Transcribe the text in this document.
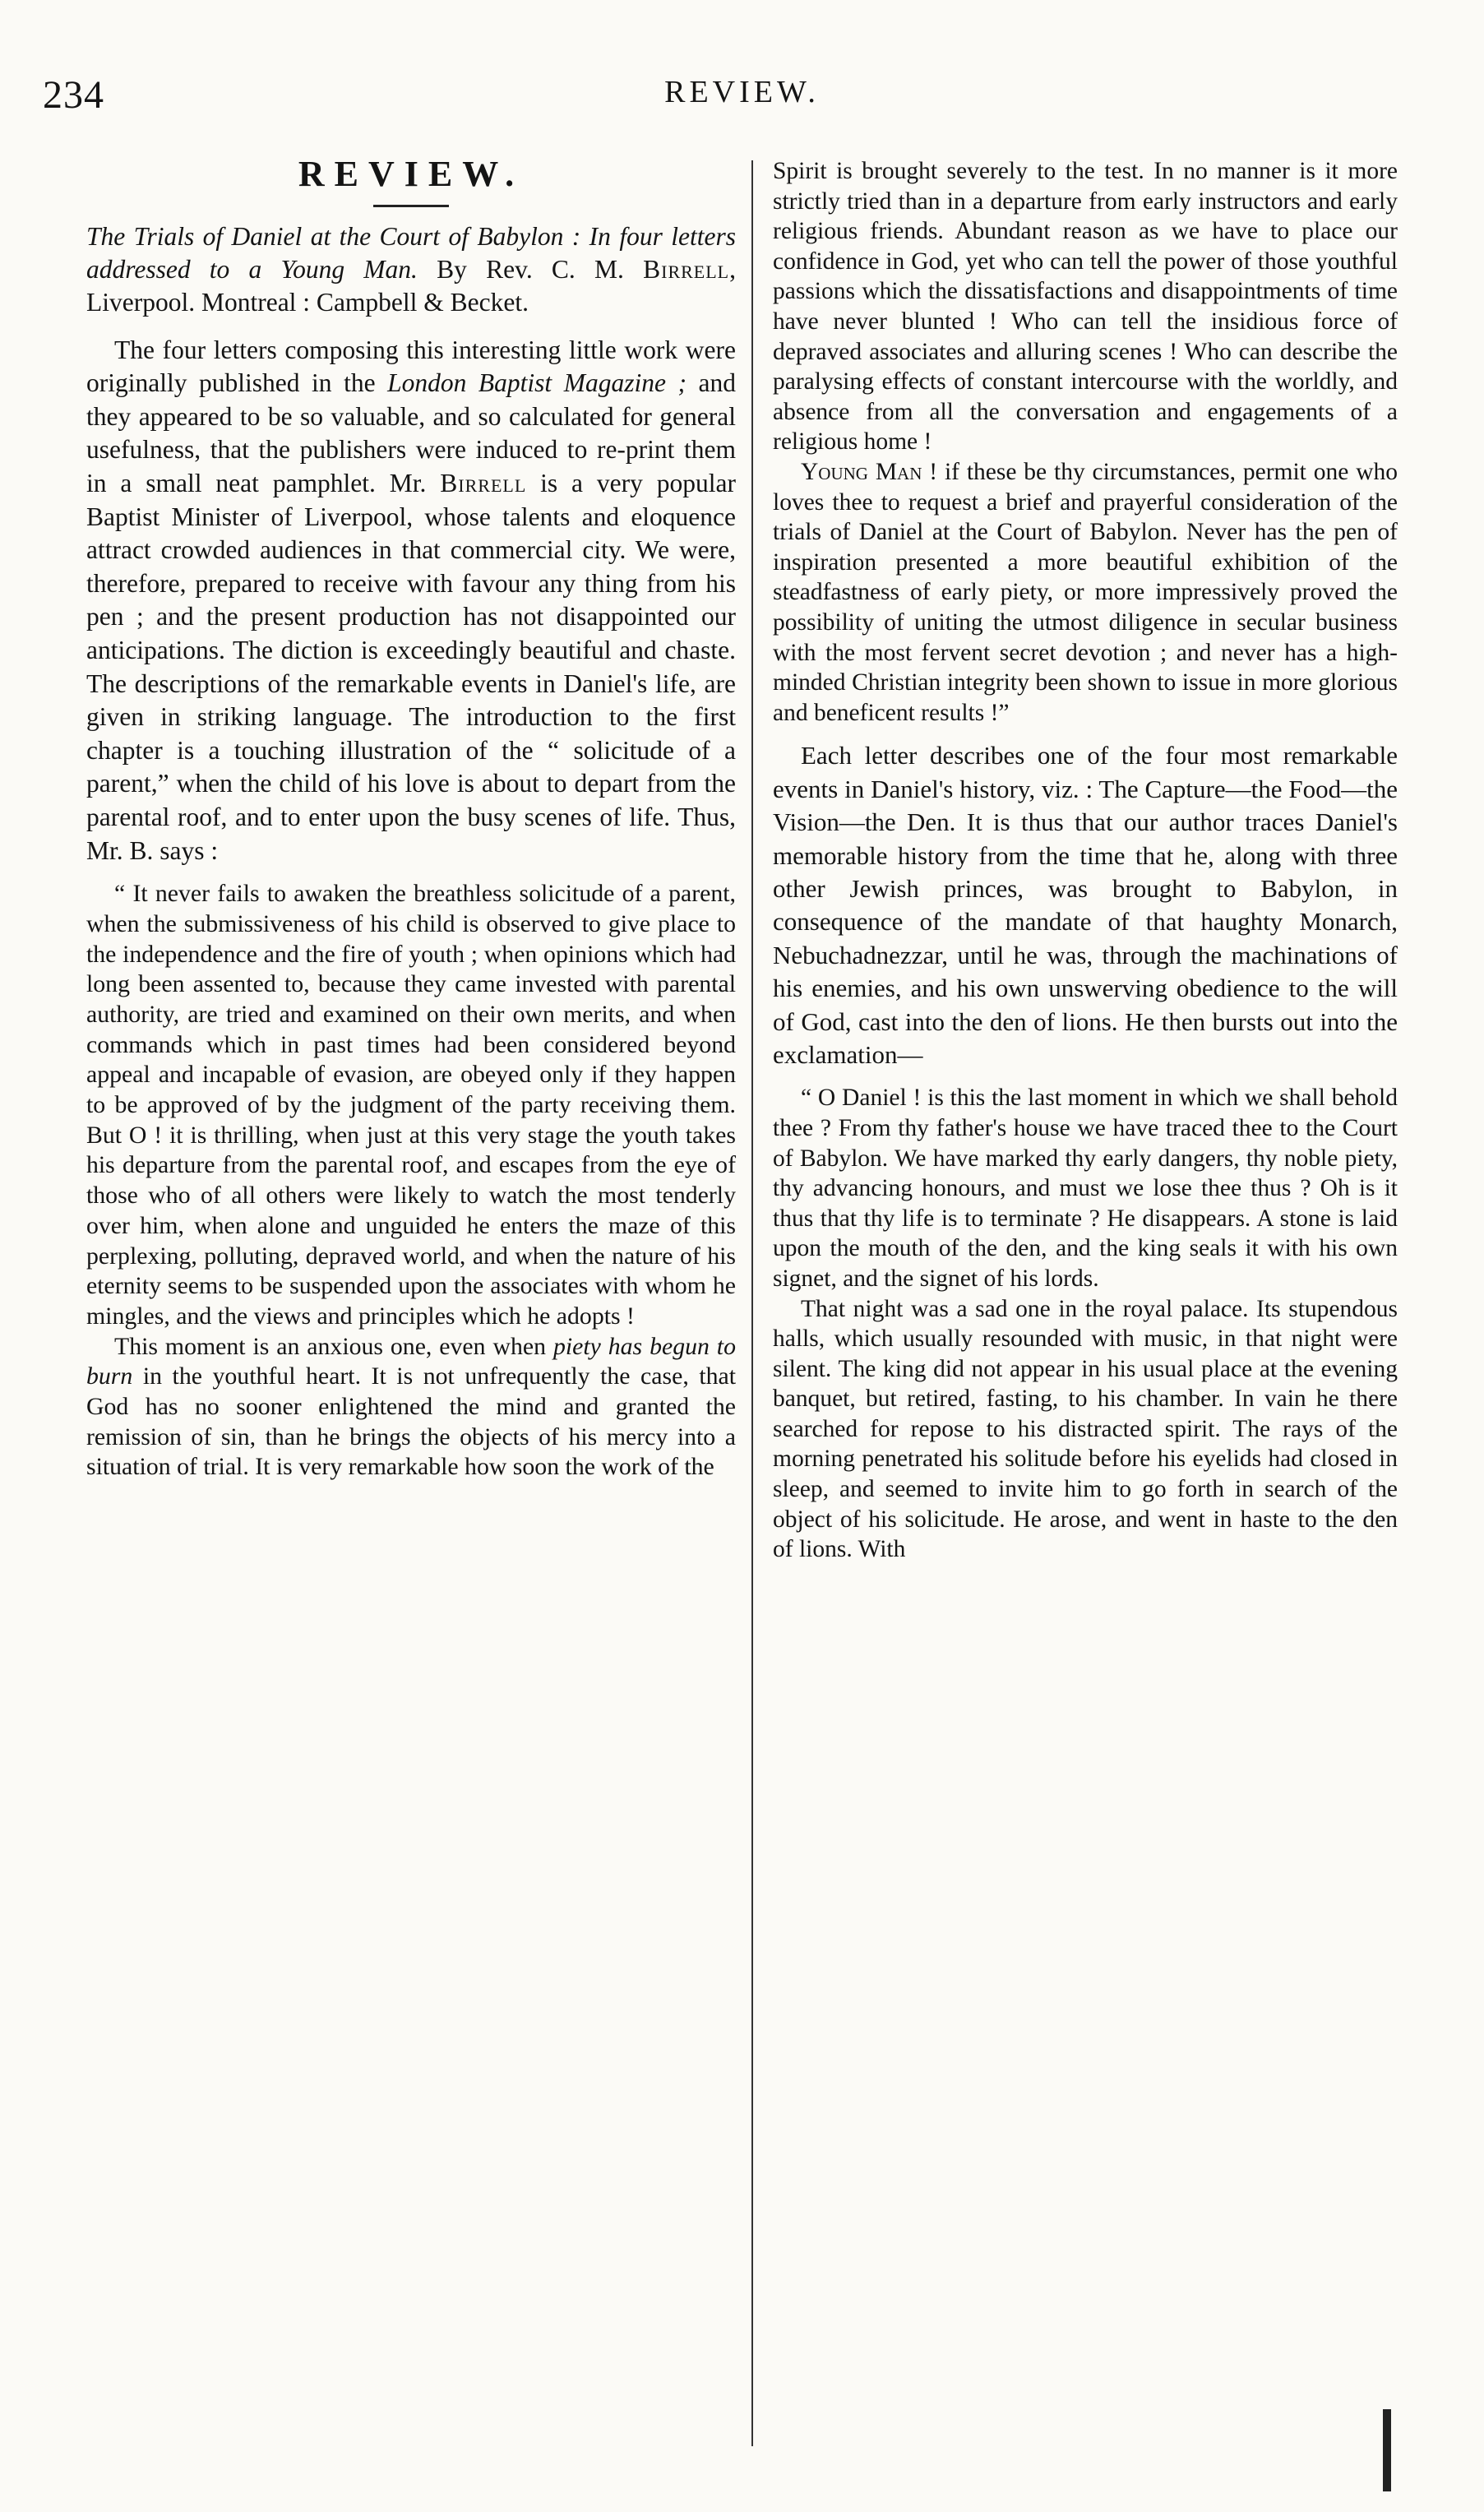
234	REVIEW.
REVIEW.

The Trials of Daniel at the Court of Babylon : In four letters addressed to a Young Man. By Rev. C. M. Birrell, Liverpool. Montreal : Campbell & Becket.

The four letters composing this interesting little work were originally published in the London Baptist Magazine ; and they appeared to be so valuable, and so calculated for general usefulness, that the publishers were induced to re-print them in a small neat pamphlet. Mr. Birrell is a very popular Baptist Minister of Liverpool, whose talents and eloquence attract crowded audiences in that commercial city. We were, therefore, prepared to receive with favour any thing from his pen ; and the present production has not disappointed our anticipations. The diction is exceedingly beautiful and chaste. The descriptions of the remarkable events in Daniel's life, are given in striking language. The introduction to the first chapter is a touching illustration of the “ solicitude of a parent,” when the child of his love is about to depart from the parental roof, and to enter upon the busy scenes of life. Thus, Mr. B. says :

“ It never fails to awaken the breathless solicitude of a parent, when the submissiveness of his child is observed to give place to the independence and the fire of youth ; when opinions which had long been assented to, because they came invested with parental authority, are tried and examined on their own merits, and when commands which in past times had been considered beyond appeal and incapable of evasion, are obeyed only if they happen to be approved of by the judgment of the party receiving them. But O ! it is thrilling, when just at this very stage the youth takes his departure from the parental roof, and escapes from the eye of those who of all others were likely to watch the most tenderly over him, when alone and unguided he enters the maze of this perplexing, polluting, depraved world, and when the nature of his eternity seems to be suspended upon the associates with whom he mingles, and the views and principles which he adopts !

This moment is an anxious one, even when piety has begun to burn in the youthful heart. It is not unfrequently the case, that God has no sooner enlightened the mind and granted the remission of sin, than he brings the objects of his mercy into a situation of trial. It is very remarkable how soon the work of the

Spirit is brought severely to the test. In no manner is it more strictly tried than in a departure from early instructors and early religious friends. Abundant reason as we have to place our confidence in God, yet who can tell the power of those youthful passions which the dissatisfactions and disappointments of time have never blunted ! Who can tell the insidious force of depraved associates and alluring scenes ! Who can describe the paralysing effects of constant intercourse with the worldly, and absence from all the conversation and engagements of a religious home !

Young Man ! if these be thy circumstances, permit one who loves thee to request a brief and prayerful consideration of the trials of Daniel at the Court of Babylon. Never has the pen of inspiration presented a more beautiful exhibition of the steadfastness of early piety, or more impressively proved the possibility of uniting the utmost diligence in secular business with the most fervent secret devotion ; and never has a high-minded Christian integrity been shown to issue in more glorious and beneficent results !”

Each letter describes one of the four most remarkable events in Daniel's history, viz. : The Capture—the Food—the Vision—the Den. It is thus that our author traces Daniel's memorable history from the time that he, along with three other Jewish princes, was brought to Babylon, in consequence of the mandate of that haughty Monarch, Nebuchadnezzar, until he was, through the machinations of his enemies, and his own unswerving obedience to the will of God, cast into the den of lions. He then bursts out into the exclamation—

“ O Daniel ! is this the last moment in which we shall behold thee ? From thy father's house we have traced thee to the Court of Babylon. We have marked thy early dangers, thy noble piety, thy advancing honours, and must we lose thee thus ? Oh is it thus that thy life is to terminate ? He disappears. A stone is laid upon the mouth of the den, and the king seals it with his own signet, and the signet of his lords.

That night was a sad one in the royal palace. Its stupendous halls, which usually resounded with music, in that night were silent. The king did not appear in his usual place at the evening banquet, but retired, fasting, to his chamber. In vain he there searched for repose to his distracted spirit. The rays of the morning penetrated his solitude before his eyelids had closed in sleep, and seemed to invite him to go forth in search of the object of his solicitude. He arose, and went in haste to the den of lions. With
